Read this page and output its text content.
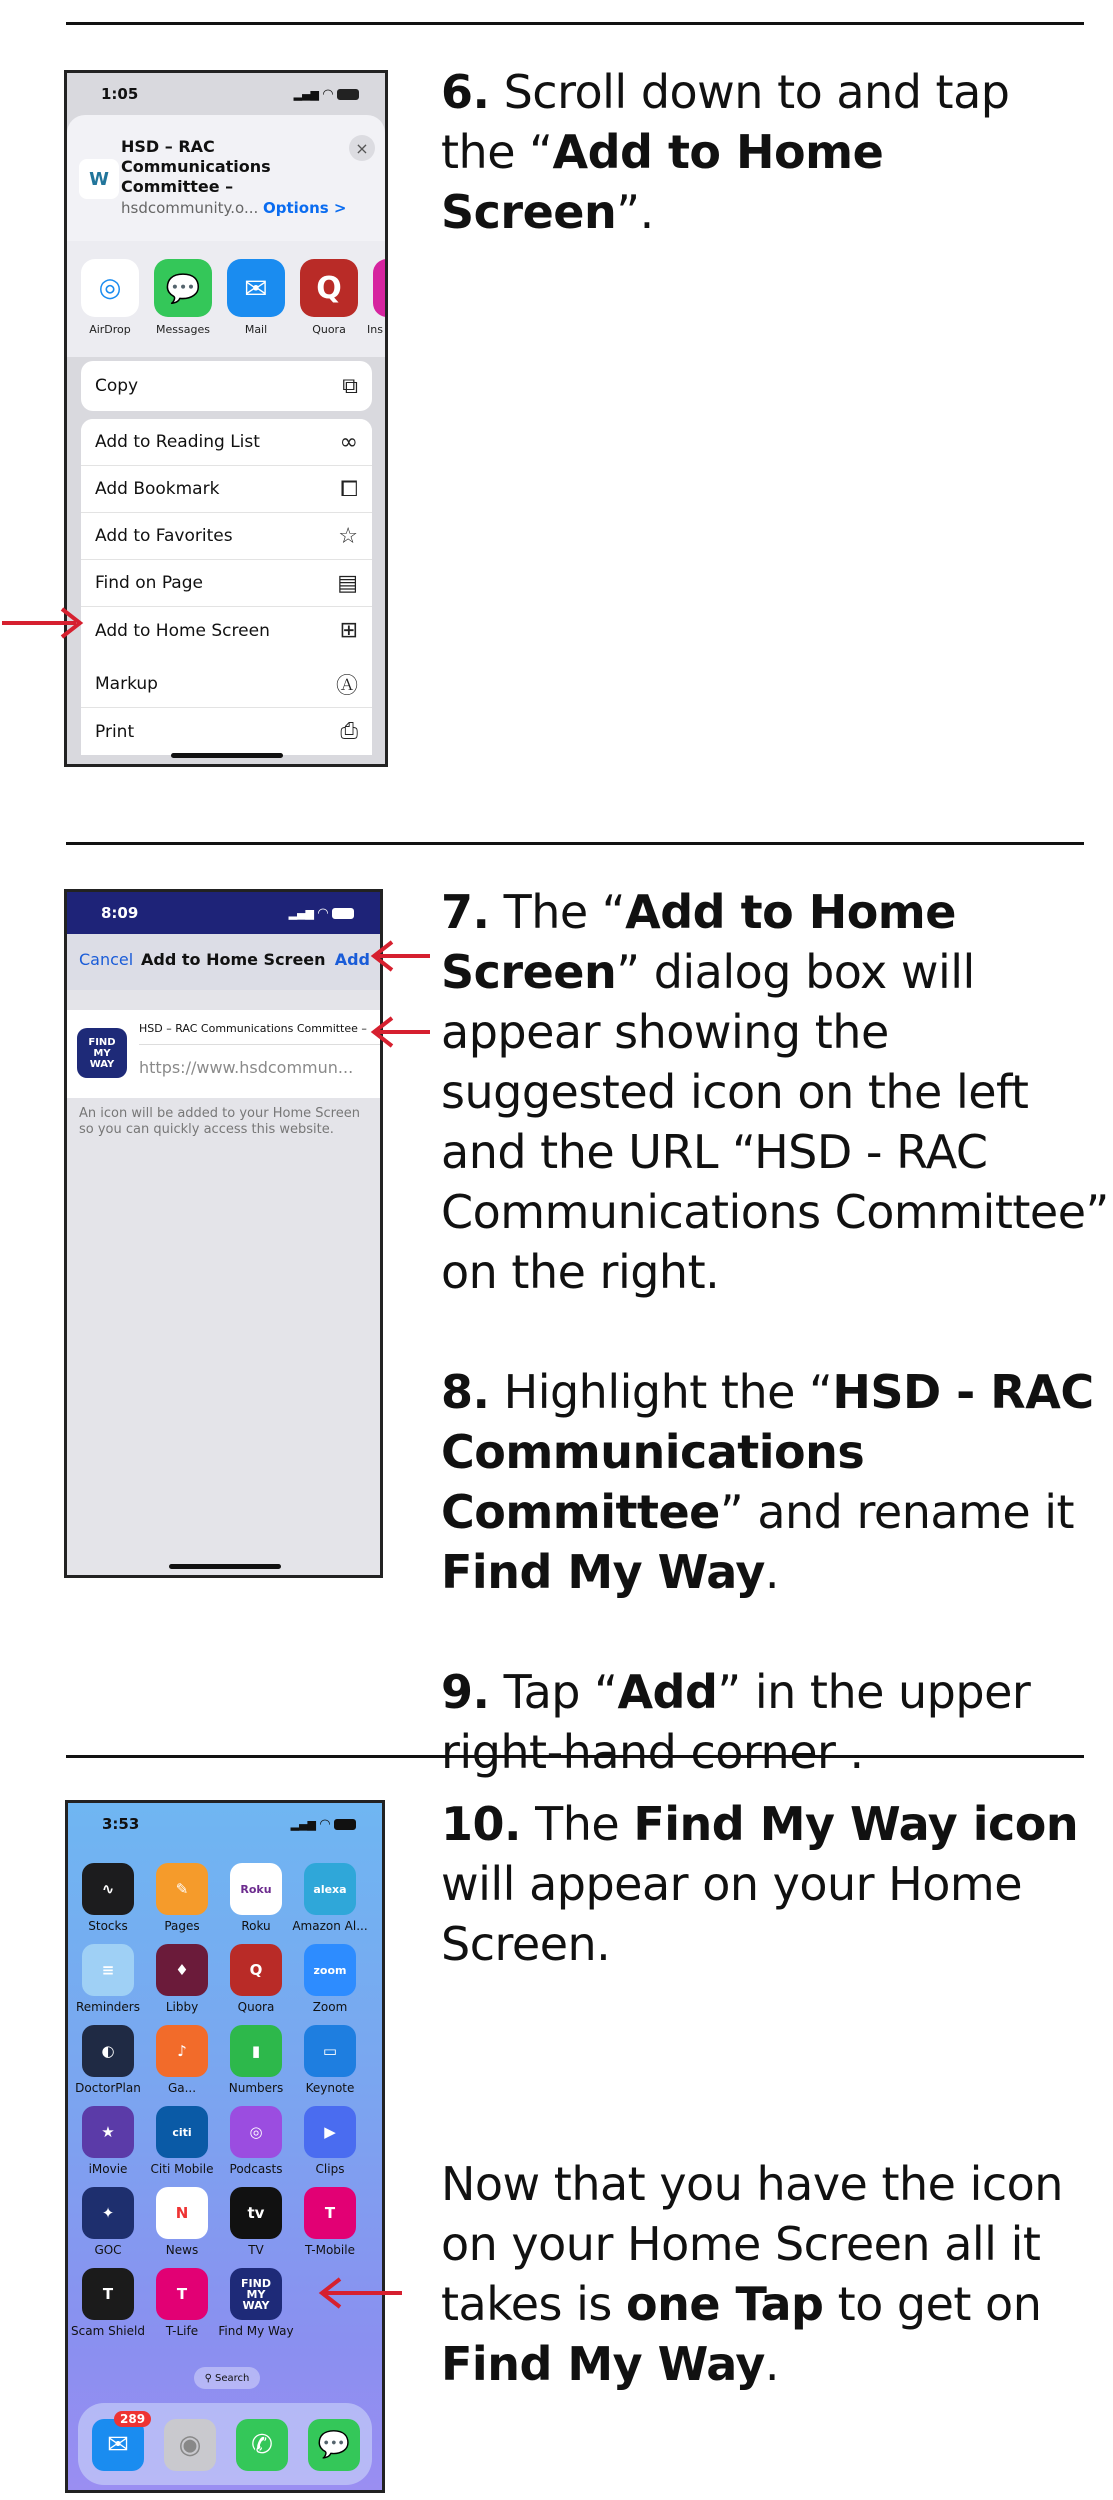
6. Scroll down to and tap the “Add to Home Screen”.
1:05	▂▄▆ ◠
W
HSD – RAC Communications Committee –
hsdcommunity.o... Options >
×
◎
AirDrop
💬
Messages
✉
Mail
Q
Quora	Ins
Copy	⧉
Add to Reading List	∞
Add Bookmark	⧠
Add to Favorites	☆
Find on Page	▤
Add to Home Screen	⊞
Markup	Ⓐ
Print	⎙

7. The “Add to Home Screen” dialog box will appear showing the suggested icon on the left and the URL “HSD - RAC Communications Committee” on the right.

8. Highlight the “HSD - RAC Communications Committee” and rename it Find My Way.

9. Tap “Add” in the upper right-hand corner .

8:09	▂▄▆ ◠
Cancel Add to Home Screen Add
FIND MY WAY
HSD – RAC Communications Committee –
https://www.hsdcommun...
An icon will be added to your Home Screen so you can quickly access this website.
10. The Find My Way icon will appear on your Home Screen.
Now that you have the icon on your Home Screen all it takes is one Tap to get on Find My Way.
3:53	▂▄▆ ◠
∿
Stocks
✎
Pages
Roku
Roku
alexa
Amazon Al...
≡
Reminders
♦
Libby
Q
Quora
zoom
Zoom
◐
DoctorPlan
♪
Ga...
▮
Numbers
▭
Keynote
★
iMovie
citi
Citi Mobile
◎
Podcasts
▶
Clips
✦
GOC
N
News
tv
TV
T
T-Mobile
T
Scam Shield
T
T-Life
FIND MY WAY
Find My Way
⚲ Search
✉
289
◉	✆	💬
